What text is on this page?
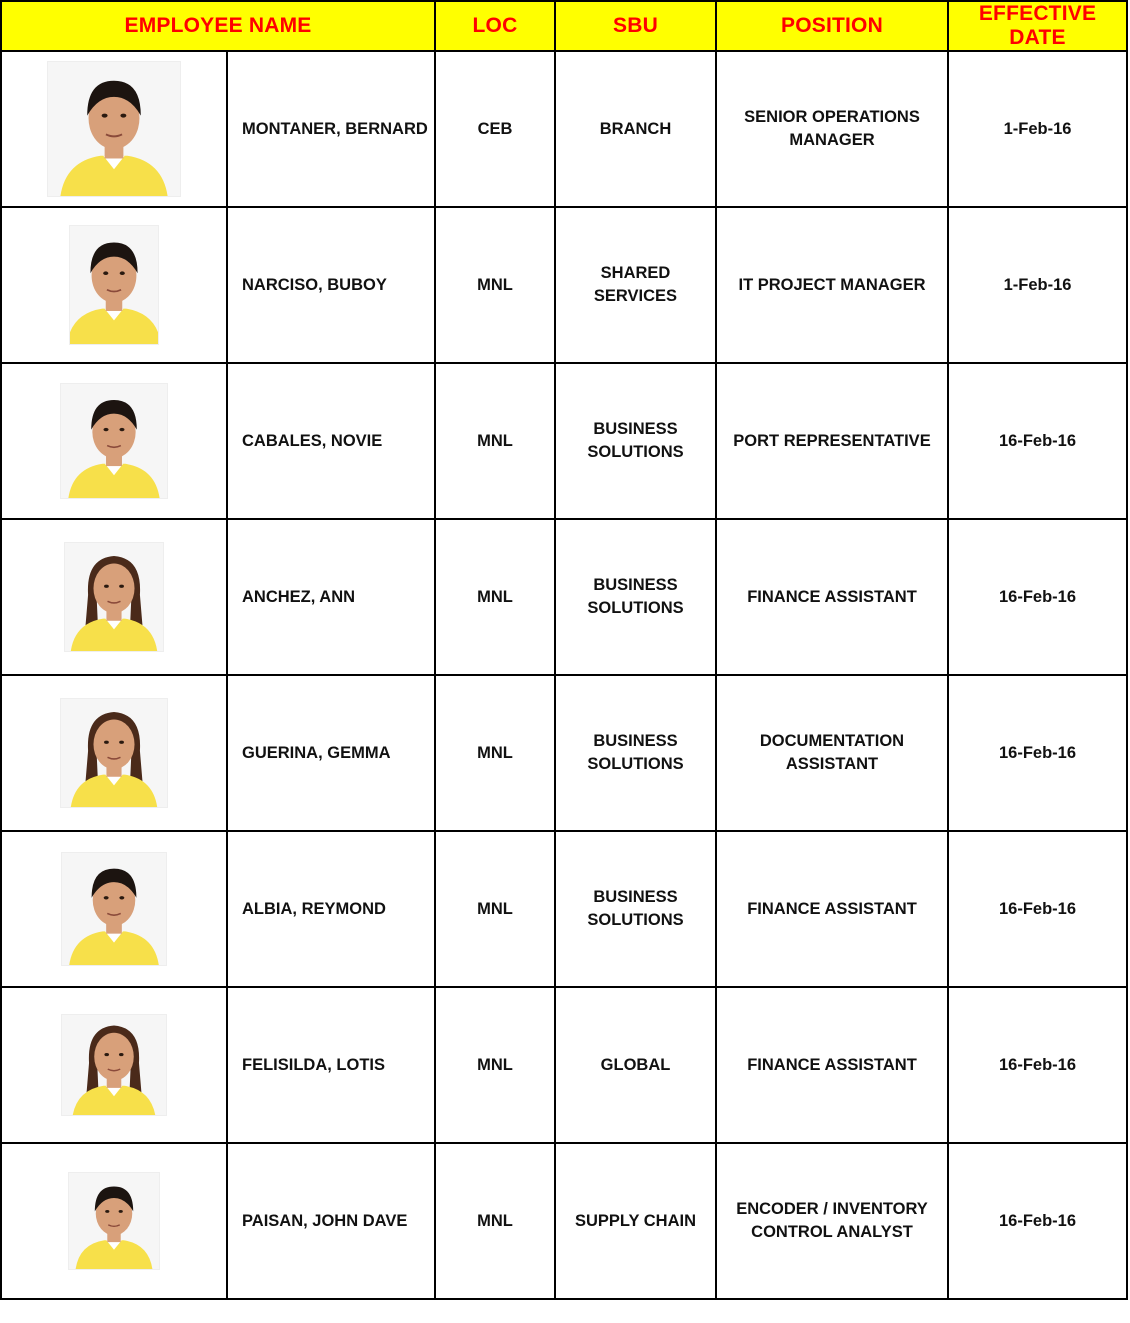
EMPLOYEE NAME		LOC	SBU	POSITION	EFFECTIVE DATE

	MONTANER, BERNARD	CEB	BRANCH	SENIOR OPERATIONS MANAGER	1-Feb-16

	NARCISO, BUBOY	MNL	SHARED SERVICES	IT PROJECT MANAGER	1-Feb-16

	CABALES, NOVIE	MNL	BUSINESS SOLUTIONS	PORT REPRESENTATIVE	16-Feb-16

	ANCHEZ, ANN	MNL	BUSINESS SOLUTIONS	FINANCE ASSISTANT	16-Feb-16

	GUERINA, GEMMA	MNL	BUSINESS SOLUTIONS	DOCUMENTATION ASSISTANT	16-Feb-16

	ALBIA, REYMOND	MNL	BUSINESS SOLUTIONS	FINANCE ASSISTANT	16-Feb-16

	FELISILDA, LOTIS	MNL	GLOBAL	FINANCE ASSISTANT	16-Feb-16

	PAISAN, JOHN DAVE	MNL	SUPPLY CHAIN	ENCODER / INVENTORY CONTROL ANALYST	16-Feb-16
